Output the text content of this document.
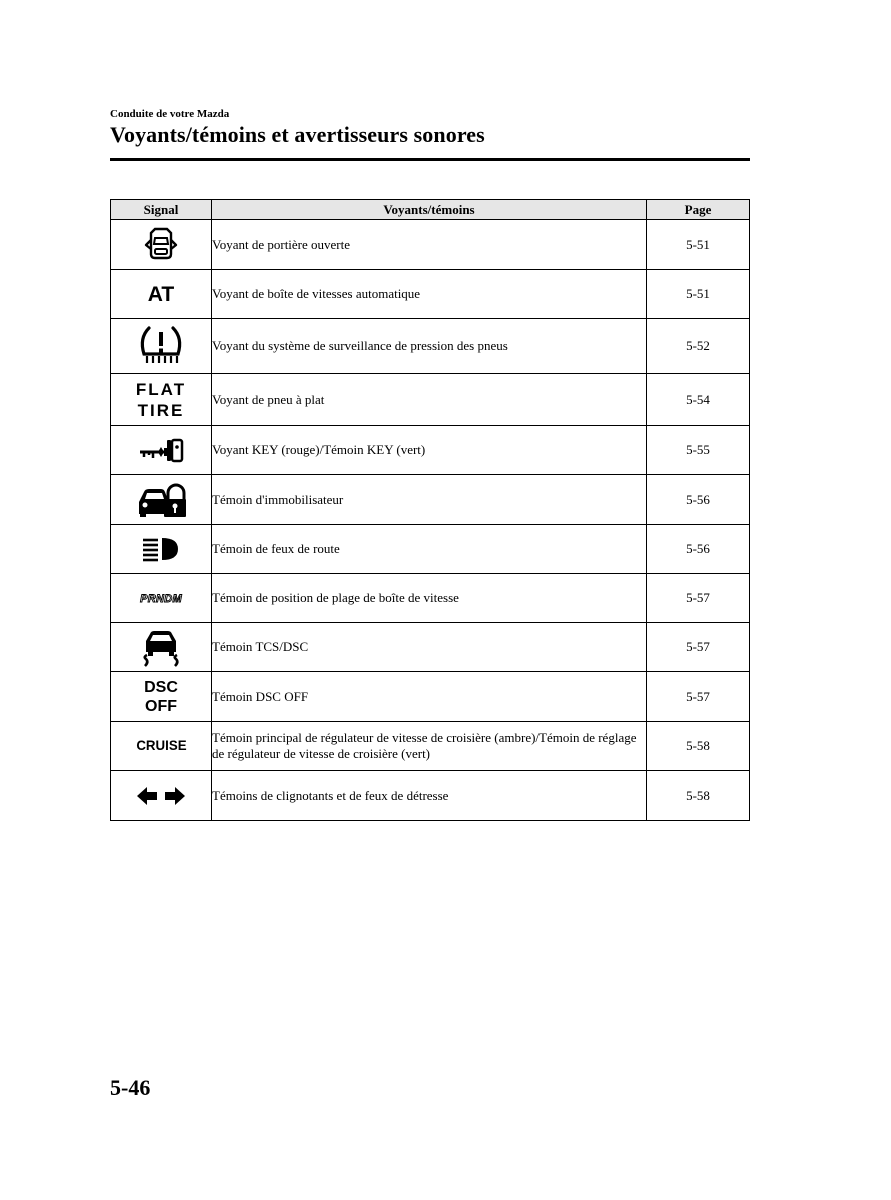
Conduite de votre Mazda
Voyants/témoins et avertisseurs sonores
Signal	Voyants/témoins	Page

	Voyant de portière ouverte	5-51
AT	Voyant de boîte de vitesses automatique	5-51

	Voyant du système de surveillance de pression des pneus	5-52
FLAT
TIRE	Voyant de pneu à plat	5-54

	Voyant KEY (rouge)/Témoin KEY (vert)	5-55

	Témoin d'immobilisateur	5-56

	Témoin de feux de route	5-56
PRNDM	Témoin de position de plage de boîte de vitesse	5-57

	Témoin TCS/DSC	5-57
DSC
OFF	Témoin DSC OFF	5-57
CRUISE	Témoin principal de régulateur de vitesse de croisière (ambre)/Témoin de réglage de régulateur de vitesse de croisière (vert)	5-58

	Témoins de clignotants et de feux de détresse	5-58
5-46
